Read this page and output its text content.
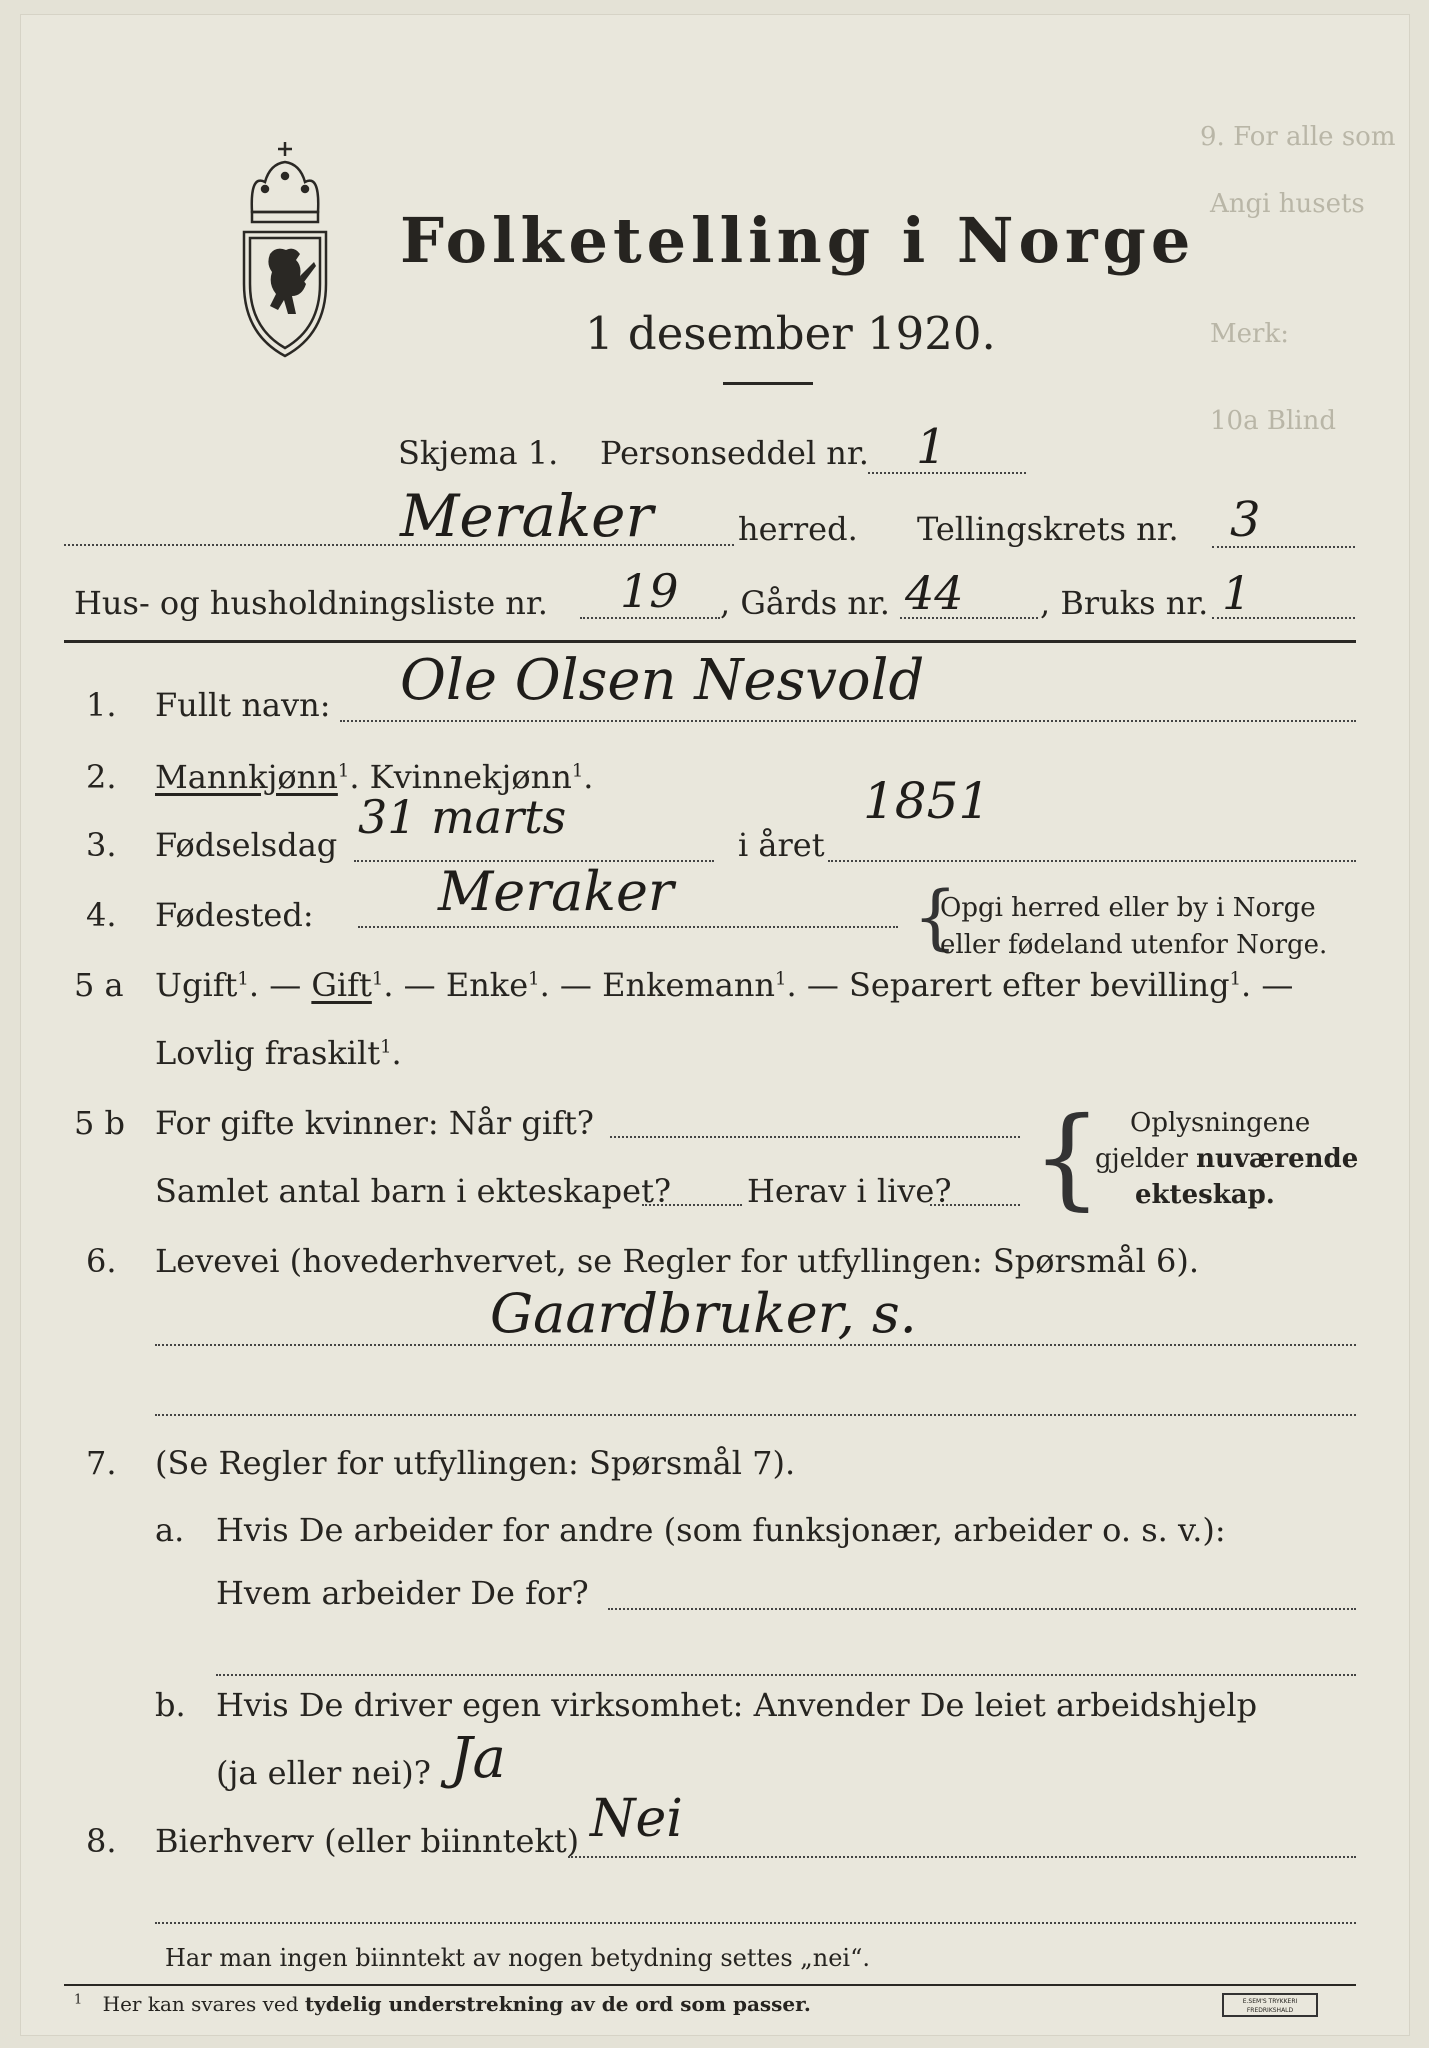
9. For alle som
Angi husets
Merk:
10a Blind
Folketelling i Norge
1 desember 1920.
Skjema 1. Personseddel nr. 1
Meraker	herred. Tellingskrets nr. 3
Hus- og husholdningsliste nr. 19 , Gårds nr. 44 , Bruks nr. 1
1. Fullt navn: Ole Olsen Nesvold
2. Mannkjønn$^1$. Kvinnekjønn$^1$.
3. Fødselsdag
31 marts
i året
1851
4. Fødested: Meraker	{
Opgi herred eller by i Norge
eller fødeland utenfor Norge.
5 a Ugift$^1$. — Gift$^1$. — Enke$^1$. — Enkemann$^1$. — Separert efter bevilling$^1$. —
Lovlig fraskilt$^1$.
5 b For gifte kvinner: Når gift?
Samlet antal barn i ekteskapet? Herav i live? { Oplysningene
gjelder nuværende
ekteskap.
6. Levevei (hovederhvervet, se Regler for utfyllingen: Spørsmål 6).
Gaardbruker, s.
7. (Se Regler for utfyllingen: Spørsmål 7).
a. Hvis De arbeider for andre (som funksjonær, arbeider o. s. v.):
Hvem arbeider De for?
b. Hvis De driver egen virksomhet: Anvender De leiet arbeidshjelp
(ja eller nei)? Ja
8. Bierhverv (eller biinntekt) Nei
Har man ingen biinntekt av nogen betydning settes „nei“.
$^1$ Her kan svares ved tydelig understrekning av de ord som passer.	E.SEM'S TRYKKERI
FREDRIKSHALD
